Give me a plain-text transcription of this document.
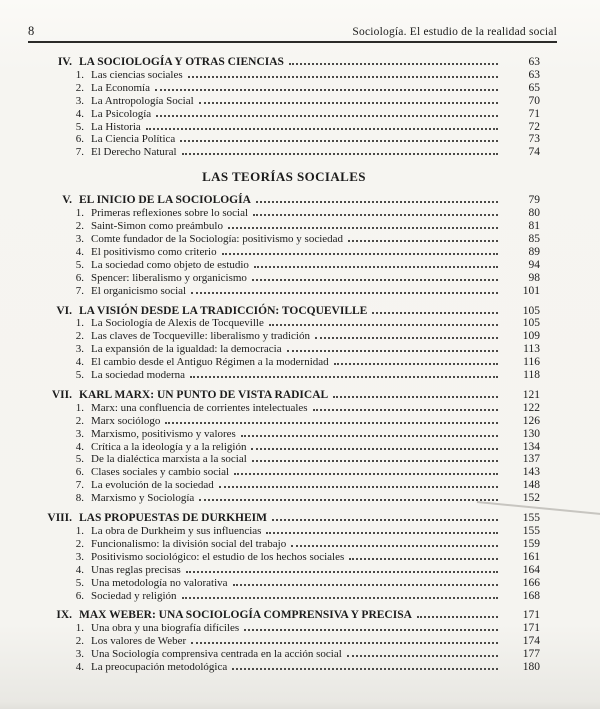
8	Sociología. El estudio de la realidad social
IV. LA SOCIOLOGÍA Y OTRAS CIENCIAS	63
1. Las ciencias sociales	63
2. La Economía	65
3. La Antropología Social	70
4. La Psicología	71
5. La Historia	72
6. La Ciencia Política	73
7. El Derecho Natural	74
LAS TEORÍAS SOCIALES
V. EL INICIO DE LA SOCIOLOGÍA	79
1. Primeras reflexiones sobre lo social	80
2. Saint-Simon como preámbulo	81
3. Comte fundador de la Sociología: positivismo y sociedad	85
4. El positivismo como criterio	89
5. La sociedad como objeto de estudio	94
6. Spencer: liberalismo y organicismo	98
7. El organicismo social	101
VI. LA VISIÓN DESDE LA TRADICCIÓN: TOCQUEVILLE	105
1. La Sociología de Alexis de Tocqueville	105
2. Las claves de Tocqueville: liberalismo y tradición	109
3. La expansión de la igualdad: la democracia	113
4. El cambio desde el Antiguo Régimen a la modernidad	116
5. La sociedad moderna	118
VII. KARL MARX: UN PUNTO DE VISTA RADICAL	121
1. Marx: una confluencia de corrientes intelectuales	122
2. Marx sociólogo	126
3. Marxismo, positivismo y valores	130
4. Crítica a la ideología y a la religión	134
5. De la dialéctica marxista a la social	137
6. Clases sociales y cambio social	143
7. La evolución de la sociedad	148
8. Marxismo y Sociología	152
VIII. LAS PROPUESTAS DE DURKHEIM	155
1. La obra de Durkheim y sus influencias	155
2. Funcionalismo: la división social del trabajo	159
3. Positivismo sociológico: el estudio de los hechos sociales	161
4. Unas reglas precisas	164
5. Una metodología no valorativa	166
6. Sociedad y religión	168
IX. MAX WEBER: UNA SOCIOLOGÍA COMPRENSIVA Y PRECISA	171
1. Una obra y una biografía difíciles	171
2. Los valores de Weber	174
3. Una Sociología comprensiva centrada en la acción social	177
4. La preocupación metodológica	180
